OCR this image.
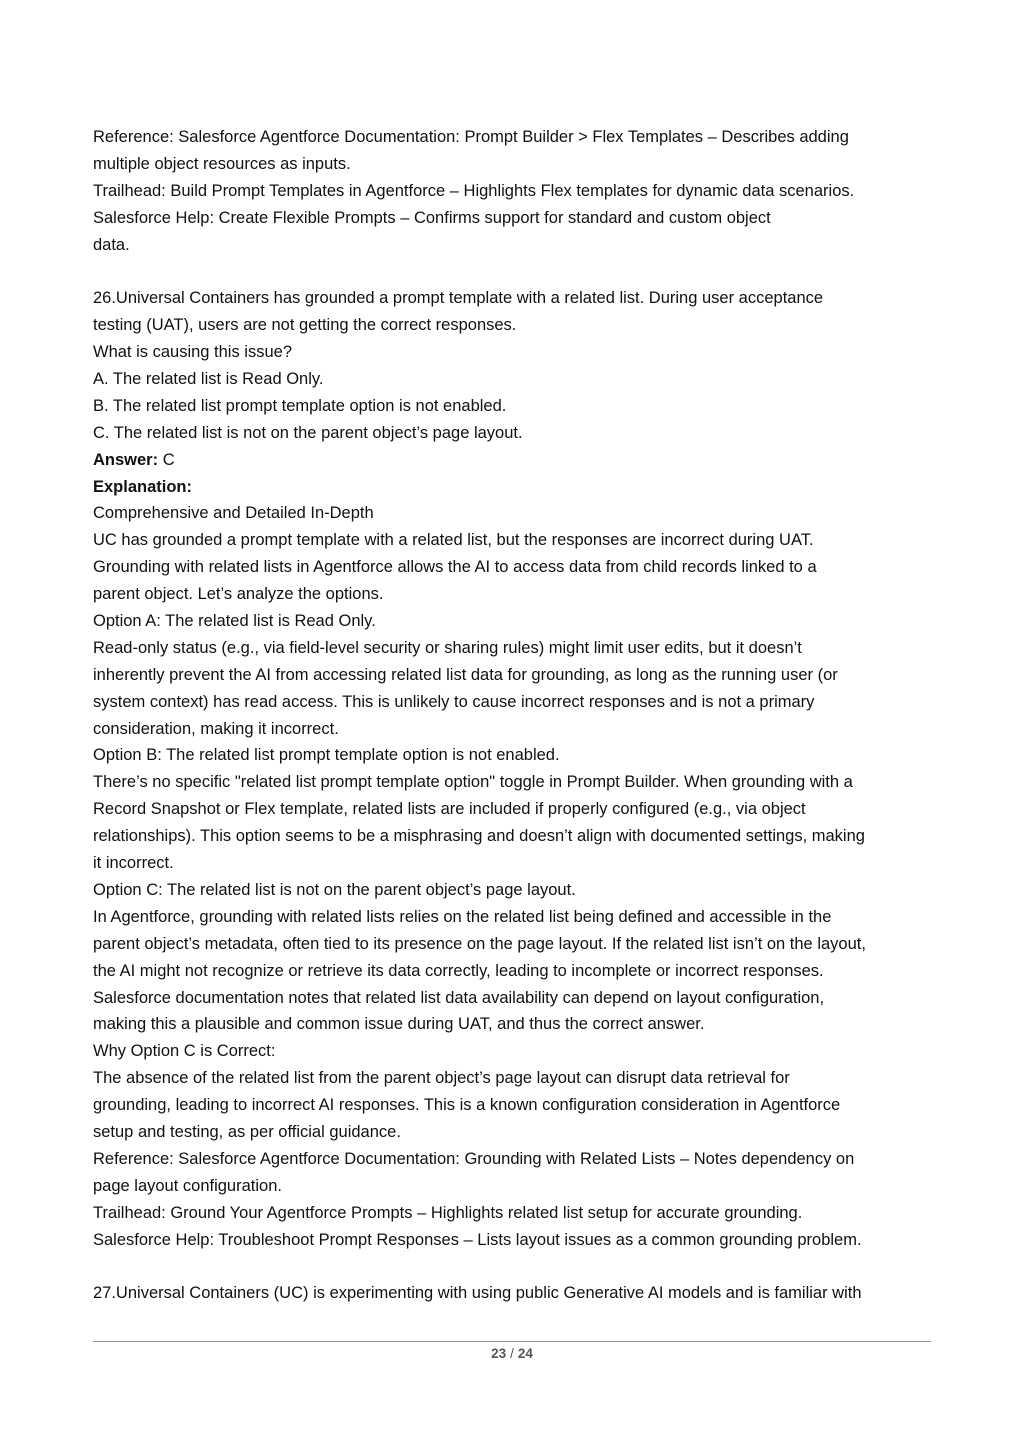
Reference: Salesforce Agentforce Documentation: Prompt Builder > Flex Templates – Describes adding
multiple object resources as inputs.
Trailhead: Build Prompt Templates in Agentforce – Highlights Flex templates for dynamic data scenarios.
Salesforce Help: Create Flexible Prompts – Confirms support for standard and custom object
data.
26.Universal Containers has grounded a prompt template with a related list. During user acceptance
testing (UAT), users are not getting the correct responses.
What is causing this issue?
A. The related list is Read Only.
B. The related list prompt template option is not enabled.
C. The related list is not on the parent object’s page layout.
Answer: C
Explanation:
Comprehensive and Detailed In-Depth
UC has grounded a prompt template with a related list, but the responses are incorrect during UAT.
Grounding with related lists in Agentforce allows the AI to access data from child records linked to a
parent object. Let’s analyze the options.
Option A: The related list is Read Only.
Read-only status (e.g., via field-level security or sharing rules) might limit user edits, but it doesn’t
inherently prevent the AI from accessing related list data for grounding, as long as the running user (or
system context) has read access. This is unlikely to cause incorrect responses and is not a primary
consideration, making it incorrect.
Option B: The related list prompt template option is not enabled.
There’s no specific "related list prompt template option" toggle in Prompt Builder. When grounding with a
Record Snapshot or Flex template, related lists are included if properly configured (e.g., via object
relationships). This option seems to be a misphrasing and doesn’t align with documented settings, making
it incorrect.
Option C: The related list is not on the parent object’s page layout.
In Agentforce, grounding with related lists relies on the related list being defined and accessible in the
parent object’s metadata, often tied to its presence on the page layout. If the related list isn’t on the layout,
the AI might not recognize or retrieve its data correctly, leading to incomplete or incorrect responses.
Salesforce documentation notes that related list data availability can depend on layout configuration,
making this a plausible and common issue during UAT, and thus the correct answer.
Why Option C is Correct:
The absence of the related list from the parent object’s page layout can disrupt data retrieval for
grounding, leading to incorrect AI responses. This is a known configuration consideration in Agentforce
setup and testing, as per official guidance.
Reference: Salesforce Agentforce Documentation: Grounding with Related Lists – Notes dependency on
page layout configuration.
Trailhead: Ground Your Agentforce Prompts – Highlights related list setup for accurate grounding.
Salesforce Help: Troubleshoot Prompt Responses – Lists layout issues as a common grounding problem.
27.Universal Containers (UC) is experimenting with using public Generative AI models and is familiar with
23 / 24
